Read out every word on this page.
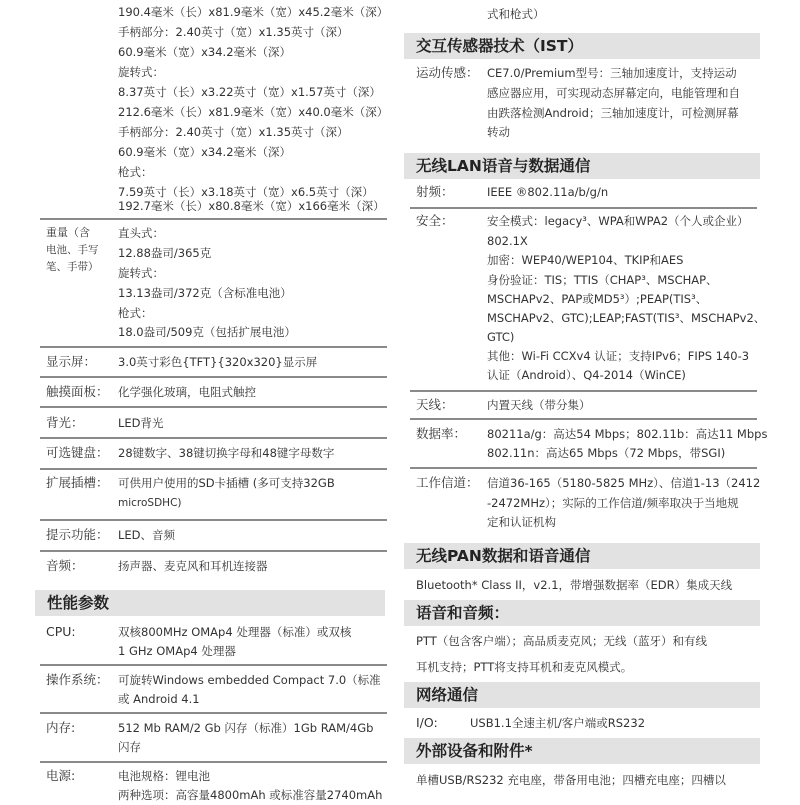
190.4毫米（长）x81.9毫米（宽）x45.2毫米（深）
手柄部分：2.40英寸（宽）x1.35英寸（深）
60.9毫米（宽）x34.2毫米（深）
旋转式：
8.37英寸（长）x3.22英寸（宽）x1.57英寸（深）
212.6毫米（长）x81.9毫米（宽）x40.0毫米（深）
手柄部分：2.40英寸（宽）x1.35英寸（深）
60.9毫米（宽）x34.2毫米（深）
枪式：
7.59英寸（长）x3.18英寸（宽）x6.5英寸（深）
192.7毫米（长）x80.8毫米（宽）x166毫米（深）
重量（含
电池、手写
笔、手带）
直头式：
12.88盎司/365克
旋转式：
13.13盎司/372克（含标准电池）
枪式：
18.0盎司/509克（包括扩展电池）
显示屏： 3.0英寸彩色{TFT}{320x320}显示屏
触摸面板： 化学强化玻璃，电阻式触控
背光：	LED背光
可选键盘： 28键数字、38键切换字母和48键字母数字
扩展插槽： 可供用户使用的SD卡插槽 (多可支持32GB
microSDHC)
提示功能： LED、音频
音频：	扬声器、麦克风和耳机连接器
性能参数
CPU:	双核800MHz OMAp4 处理器（标准）或双核
1 GHz OMAp4 处理器
操作系统： 可旋转Windows embedded Compact 7.0（标准
或 Android 4.1
内存:	512 Mb RAM/2 Gb 闪存（标准）1Gb RAM/4Gb
闪存
电源:	电池规格：锂电池
两种选项：高容量4800mAh 或标准容量2740mAh
式和枪式）
交互传感器技术（IST）
运动传感： CE7.0/Premium型号：三轴加速度计，支持运动
感应器应用，可实现动态屏幕定向，电能管理和自
由跌落检测Android；三轴加速度计，可检测屏幕
转动
无线LAN语音与数据通信
射频：	IEEE ®802.11a/b/g/n
安全：	安全模式：legacy³、WPA和WPA2（个人或企业）
802.1X
加密：WEP40/WEP104、TKIP和AES
身份验证：TIS；TTIS（CHAP³、MSCHAP、
MSCHAPv2、PAP或MD5³）;PEAP(TIS³、
MSCHAPv2、GTC);LEAP;FAST(TIS³、MSCHAPv2、
GTC)
其他：Wi-Fi CCXv4 认证；支持IPv6；FIPS 140-3
认证（Android）、Q4-2014（WinCE)
天线：	内置天线（带分集）
数据率： 80211a/g：高达54 Mbps；802.11b：高达11 Mbps
802.11n：高达65 Mbps（72 Mbps，带SGI)
工作信道： 信道36-165（5180-5825 MHz）、信道1-13（2412
-2472MHz）；实际的工作信道/频率取决于当地规
定和认证机构
无线PAN数据和语音通信
Bluetooth* Class II，v2.1，带增强数据率（EDR）集成天线
语音和音频：
PTT（包含客户端）；高品质麦克风；无线（蓝牙）和有线
耳机支持；PTT将支持耳机和麦克风模式。
网络通信
I/O:	USB1.1全速主机/客户端或RS232
外部设备和附件*
单槽USB/RS232 充电座，带备用电池；四槽充电座；四槽以
